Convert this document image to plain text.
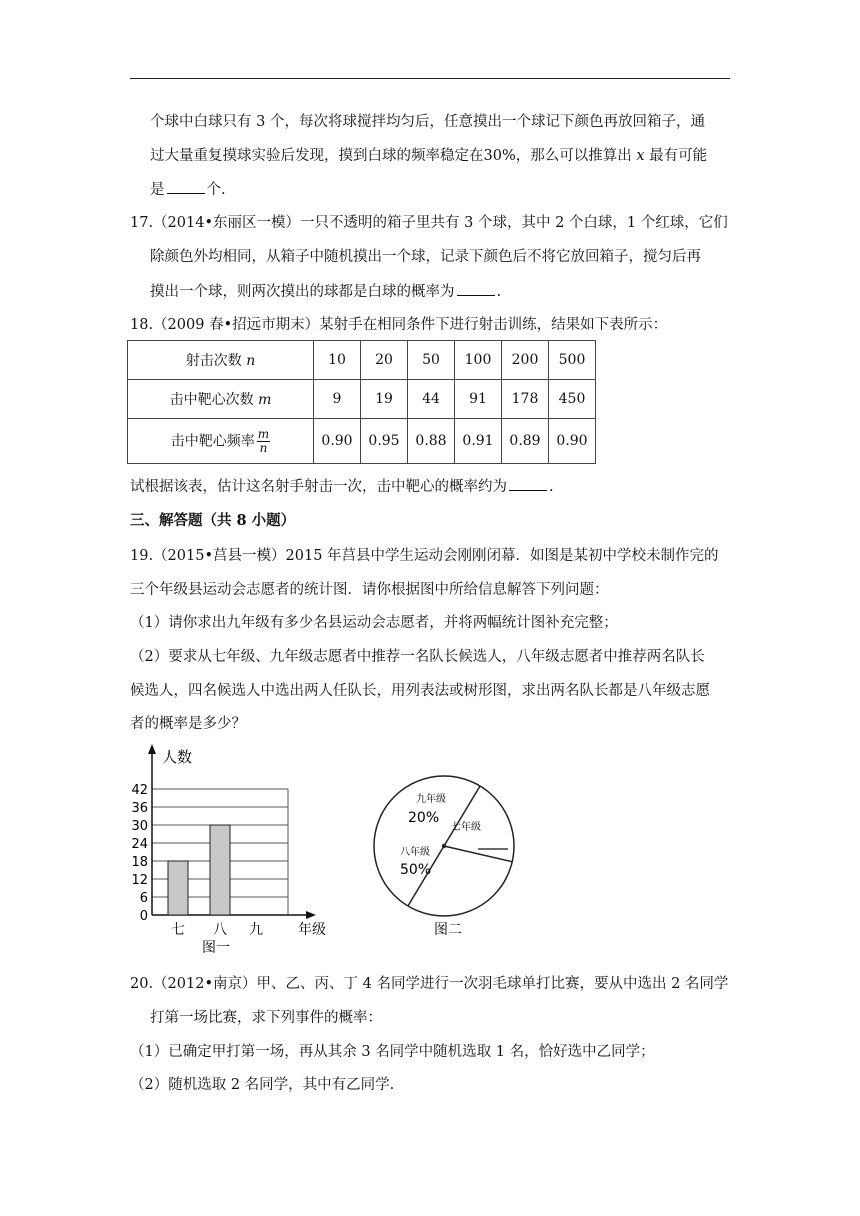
个球中白球只有 3 个，每次将球搅拌均匀后，任意摸出一个球记下颜色再放回箱子，通
过大量重复摸球实验后发现，摸到白球的频率稳定在30%，那么可以推算出 x 最有可能
是	个.
17.（2014•东丽区一模）一只不透明的箱子里共有 3 个球，其中 2 个白球，1 个红球，它们
除颜色外均相同，从箱子中随机摸出一个球，记录下颜色后不将它放回箱子，搅匀后再
摸出一个球，则两次摸出的球都是白球的概率为	.
18.（2009 春•招远市期末）某射手在相同条件下进行射击训练，结果如下表所示：
射击次数 n	10	20	50	100	200	500
击中靶心次数 m	9	19	44	91	178	450
击中靶心频率 $\frac{m}{n}$	0.90	0.95	0.88	0.91	0.89	0.90
试根据该表，估计这名射手射击一次，击中靶心的概率约为	.
三、解答题（共 8 小题）
19.（2015•莒县一模）2015 年莒县中学生运动会刚刚闭幕．如图是某初中学校未制作完的
三个年级县运动会志愿者的统计图．请你根据图中所给信息解答下列问题：
（1）请你求出九年级有多少名县运动会志愿者，并将两幅统计图补充完整；
（2）要求从七年级、九年级志愿者中推荐一名队长候选人，八年级志愿者中推荐两名队长
候选人，四名候选人中选出两人任队长，用列表法或树形图，求出两名队长都是八年级志愿
者的概率是多少？
0
6
12
18
24
30
36
42
七 八 九
人数
年级
图一
九年级
20%
七年级
八年级
50%
图二
20.（2012•南京）甲、乙、丙、丁 4 名同学进行一次羽毛球单打比赛，要从中选出 2 名同学
打第一场比赛，求下列事件的概率：
（1）已确定甲打第一场，再从其余 3 名同学中随机选取 1 名，恰好选中乙同学；
（2）随机选取 2 名同学，其中有乙同学.
